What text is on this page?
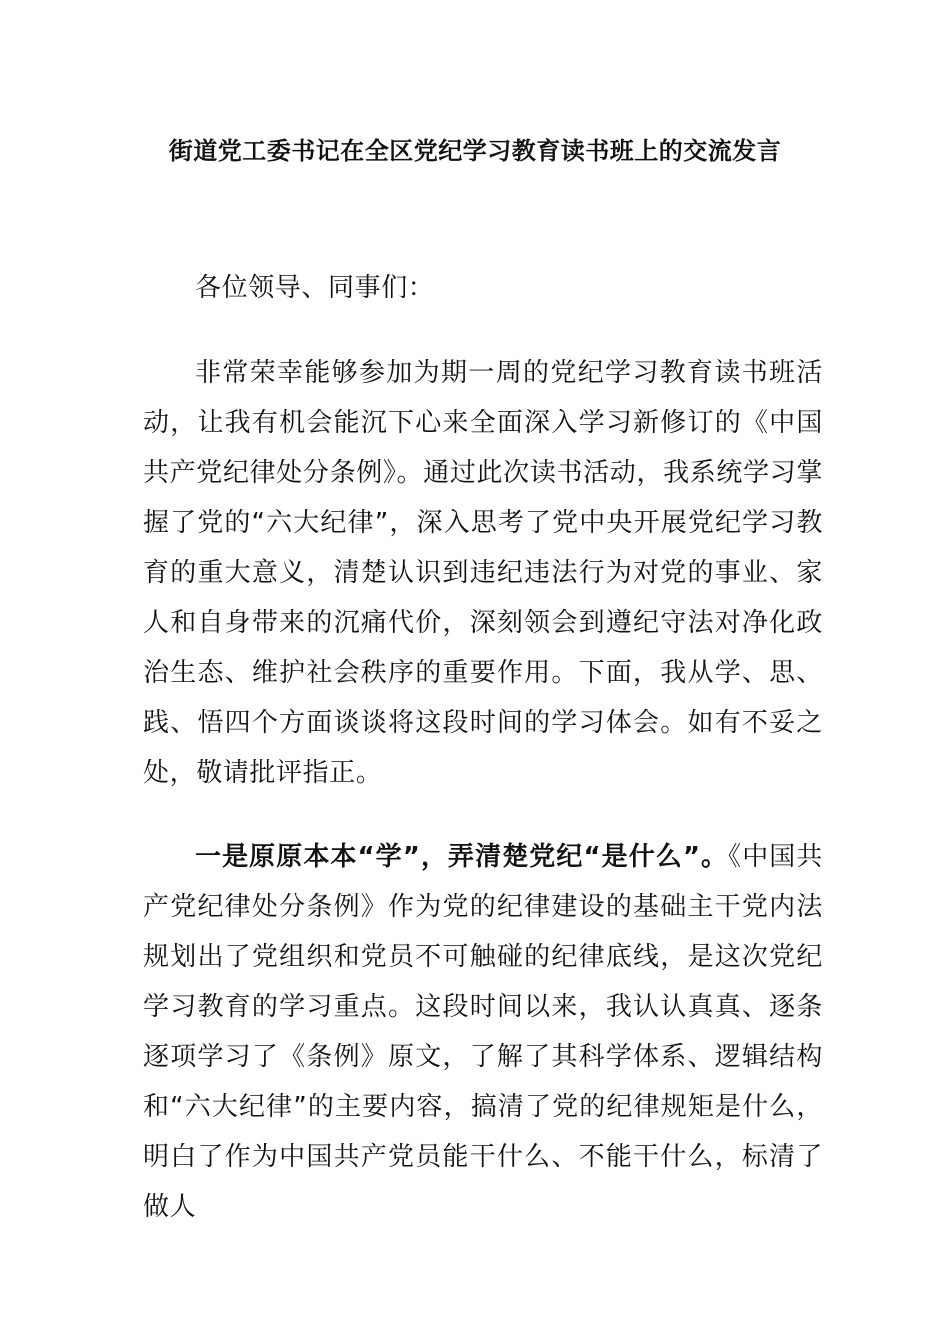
街道党工委书记在全区党纪学习教育读书班上的交流发言

各位领导、同事们：

非常荣幸能够参加为期一周的党纪学习教育读书班活动，让我有机会能沉下心来全面深入学习新修订的《中国共产党纪律处分条例》。通过此次读书活动，我系统学习掌握了党的“六大纪律”，深入思考了党中央开展党纪学习教育的重大意义，清楚认识到违纪违法行为对党的事业、家人和自身带来的沉痛代价，深刻领会到遵纪守法对净化政治生态、维护社会秩序的重要作用。下面，我从学、思、践、悟四个方面谈谈将这段时间的学习体会。如有不妥之处，敬请批评指正。

一是原原本本“学”，弄清楚党纪“是什么”。《中国共产党纪律处分条例》作为党的纪律建设的基础主干党内法规划出了党组织和党员不可触碰的纪律底线，是这次党纪学习教育的学习重点。这段时间以来，我认认真真、逐条逐项学习了《条例》原文，了解了其科学体系、逻辑结构和“六大纪律”的主要内容，搞清了党的纪律规矩是什么，明白了作为中国共产党员能干什么、不能干什么，标清了做人
